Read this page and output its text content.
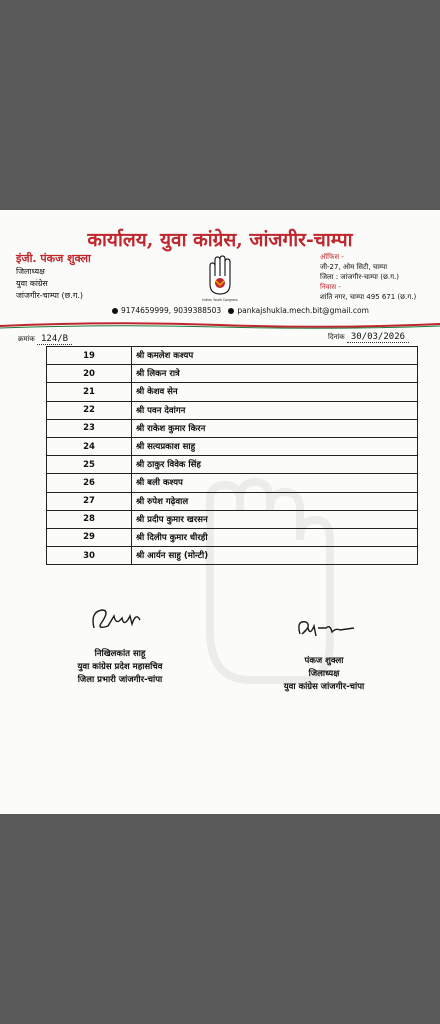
कार्यालय, युवा कांग्रेस, जांजगीर-चाम्पा
इंजी. पंकज शुक्ला
जिलाध्यक्ष
युवा कांग्रेस
जांजगीर-चाम्पा (छ.ग.)	Indian Youth Congress
ऑफिस -
जी-27, ओम सिटी, चाम्पा
जिला : जांजगीर-चाम्पा (छ.ग.)
निवास -
शांति नगर, चाम्पा 495 671 (छ.ग.)
9174659999, 9039388503 pankajshukla.mech.bit@gmail.com
क्रमांक 124/B	दिनांक 30/03/2026
19	श्री कमलेश कश्यप
20	श्री लिकन रात्रे
21	श्री केशव सेन
22	श्री पवन देवांगन
23	श्री राकेश कुमार किरन
24	श्री सत्यप्रकाश साहु
25	श्री ठाकुर विवेक सिंह
26	श्री बली कश्यप
27	श्री रुपेश गढ़ेवाल
28	श्री प्रदीप कुमार खरसन
29	श्री दिलीप कुमार धीरही
30	श्री आर्यन साहु (मोन्टी)
निखिलकांत साहू
युवा कांग्रेस प्रदेश महासचिव
जिला प्रभारी जांजगीर-चांपा
पंकज शुक्ला
जिलाध्यक्ष
युवा कांग्रेस जांजगीर-चांपा
